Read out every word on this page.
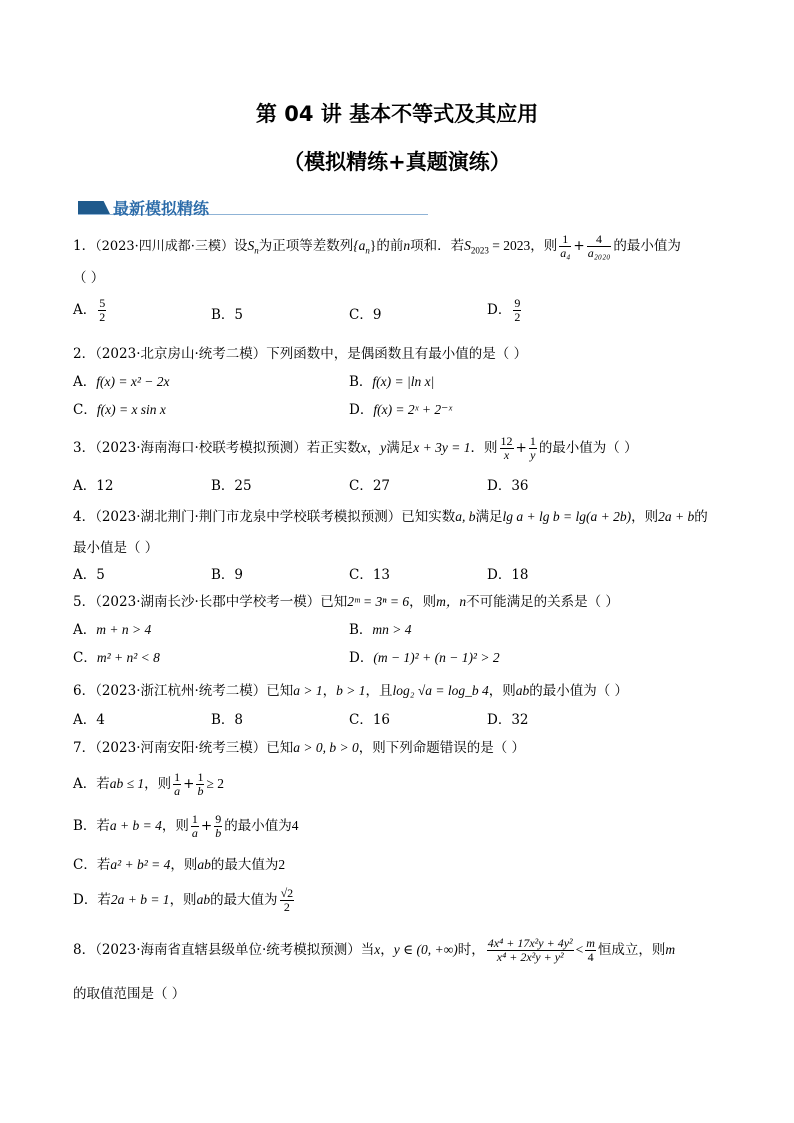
第 04 讲 基本不等式及其应用
（模拟精练+真题演练）
最新模拟精练
1．（2023·四川成都·三模）设$S_n$为正项等差数列$\{a_n\}$的前n项和．若$S_{2023} = 2023$，则 $\frac{1}{\text{a₄}} + \frac{4}{\text{a₂₀₂₀}}$ 的最小值为
（ ）
A． $\frac{5}{2}$	B．5	C．9	D． $\frac{9}{2}$
2．（2023·北京房山·统考二模）下列函数中，是偶函数且有最小值的是（ ）
A．f(x) = x² − 2x	B．f(x) = |ln x|
C．f(x) = x sin x	D．f(x) = 2ˣ + 2⁻ˣ
3．（2023·海南海口·校联考模拟预测）若正实数x，y满足x + 3y = 1．则 $\frac{12}{x} + \frac{1}{y}$ 的最小值为（ ）
A．12	B．25	C．27	D．36
4．（2023·湖北荆门·荆门市龙泉中学校联考模拟预测）已知实数a, b满足lg a + lg b = lg(a + 2b)，则2a + b的
最小值是（ ）
A．5	B．9	C．13	D．18
5．（2023·湖南长沙·长郡中学校考一模）已知2ᵐ = 3ⁿ = 6，则m，n不可能满足的关系是（ ）
A．m + n > 4	B．mn > 4
C．m² + n² < 8	D．(m − 1)² + (n − 1)² > 2
6．（2023·浙江杭州·统考二模）已知a > 1，b > 1，且log₂ √a = log_b 4，则ab的最小值为（ ）
A．4	B．8	C．16	D．32
7．（2023·河南安阳·统考三模）已知a > 0, b > 0，则下列命题错误的是（ ）
A．若ab ≤ 1，则 $\frac{1}{a} + \frac{1}{b} \ge 2$
B．若a + b = 4，则 $\frac{1}{a} + \frac{9}{b}$ 的最小值为4
C．若a² + b² = 4，则ab的最大值为2
D．若2a + b = 1，则ab的最大值为 $\frac{√2}{2}$
8．（2023·海南省直辖县级单位·统考模拟预测）当x，y ∈ (0, +∞)时， $\frac{\text{4x⁴ + 17x²y + 4y²}}{\text{x⁴ + 2x²y + y²}} < \frac{m}{4}$ 恒成立，则m
的取值范围是（ ）
